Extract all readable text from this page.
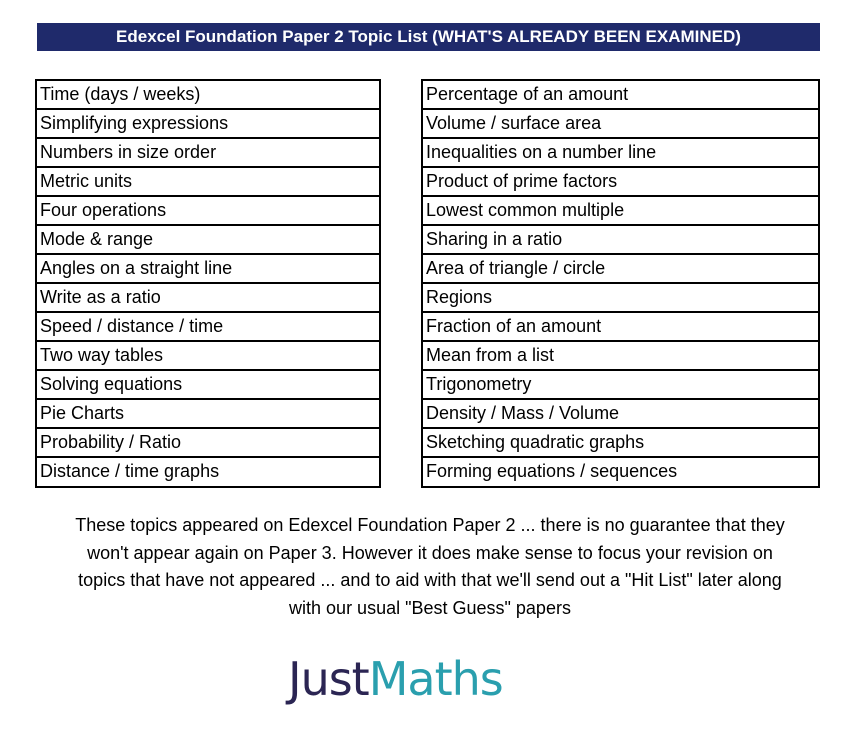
Edexcel Foundation Paper 2 Topic List (WHAT'S ALREADY BEEN EXAMINED)
Time (days / weeks)
Simplifying expressions
Numbers in size order
Metric units
Four operations
Mode & range
Angles on a straight line
Write as a ratio
Speed / distance / time
Two way tables
Solving equations
Pie Charts
Probability / Ratio
Distance / time graphs
Percentage of an amount
Volume / surface area
Inequalities on a number line
Product of prime factors
Lowest common multiple
Sharing in a ratio
Area of triangle / circle
Regions
Fraction of an amount
Mean from a list
Trigonometry
Density / Mass / Volume
Sketching quadratic graphs
Forming equations / sequences
These topics appeared on Edexcel Foundation Paper 2 ... there is no guarantee that they
won't appear again on Paper 3. However it does make sense to focus your revision on
topics that have not appeared ... and to aid with that we'll send out a "Hit List" later along
with our usual "Best Guess" papers
JustMaths
